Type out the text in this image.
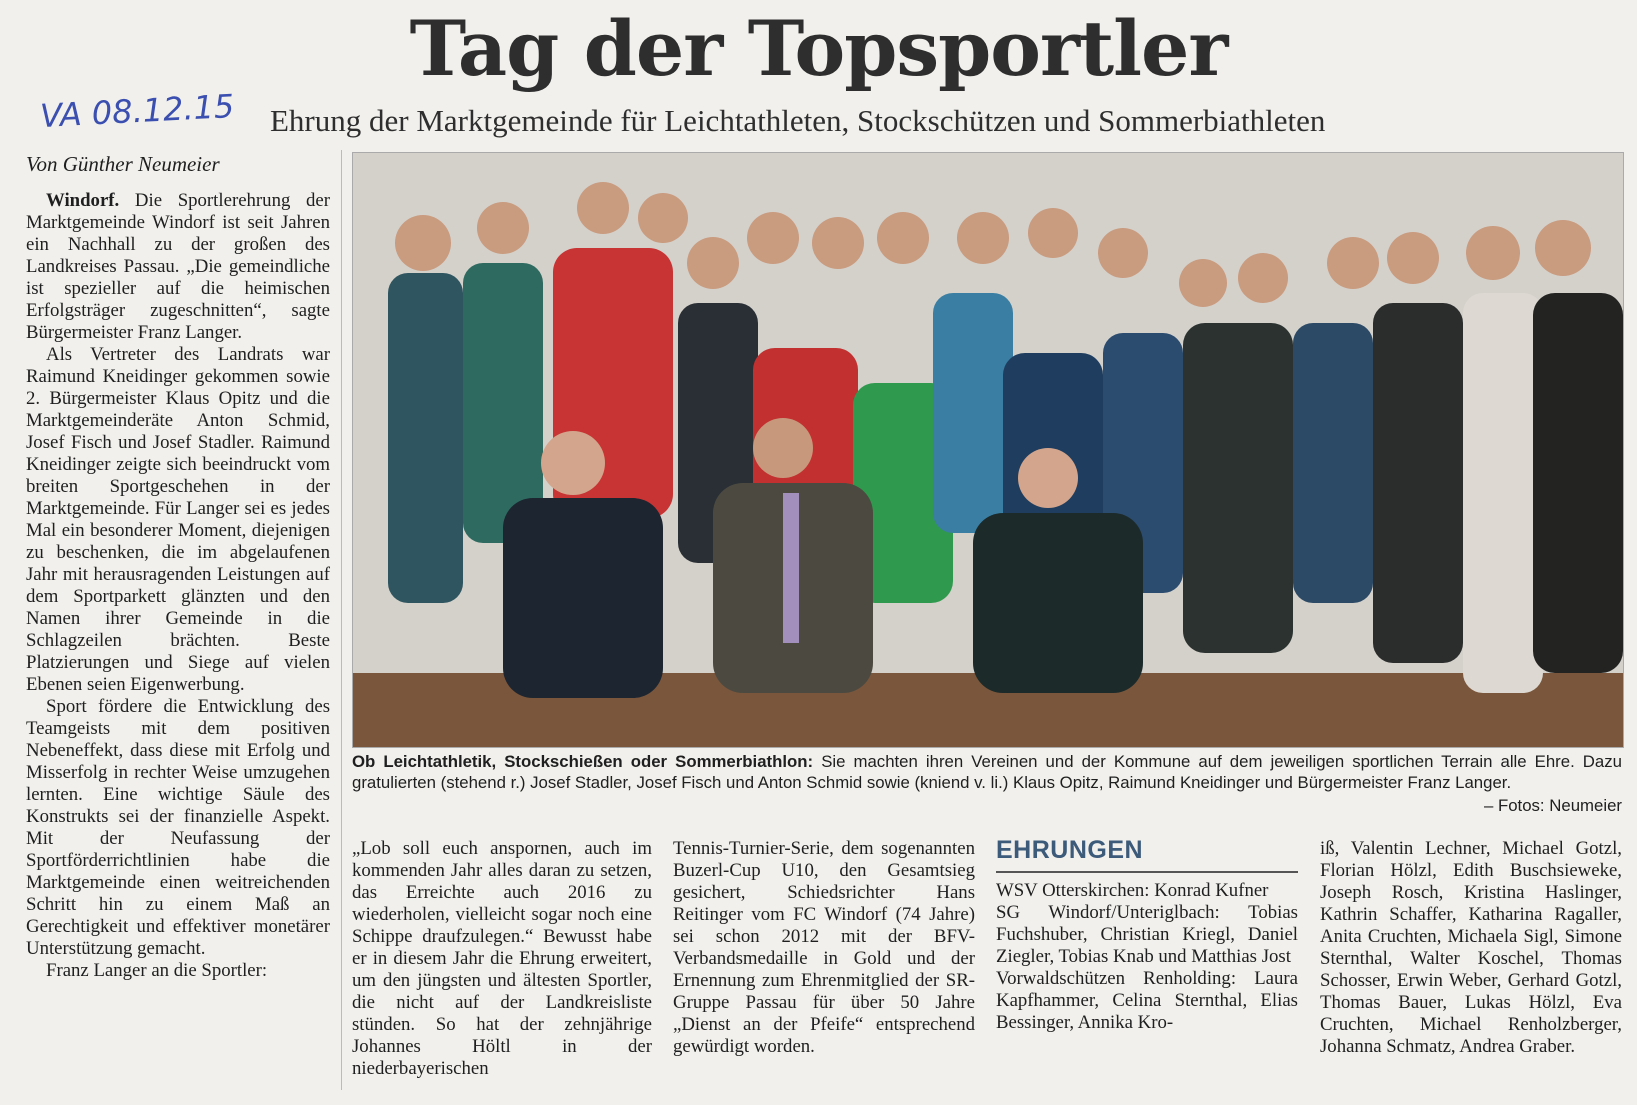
Tag der Topsportler
VA 08.12.15 Ehrung der Marktgemeinde für Leichtathleten, Stockschützen und Sommerbiathleten
Von Günther Neumeier

Windorf. Die Sportlerehrung der Marktgemeinde Windorf ist seit Jahren ein Nachhall zu der großen des Landkreises Passau. „Die gemeindliche ist spezieller auf die heimischen Erfolgsträger zugeschnitten“, sagte Bürgermeister Franz Langer.

Als Vertreter des Landrats war Raimund Kneidinger gekommen sowie 2. Bürgermeister Klaus Opitz und die Marktgemeinderäte Anton Schmid, Josef Fisch und Josef Stadler. Raimund Kneidinger zeigte sich beeindruckt vom breiten Sportgeschehen in der Marktgemeinde. Für Langer sei es jedes Mal ein besonderer Moment, diejenigen zu beschenken, die im abgelaufenen Jahr mit herausragenden Leistungen auf dem Sportparkett glänzten und den Namen ihrer Gemeinde in die Schlagzeilen brächten. Beste Platzierungen und Siege auf vielen Ebenen seien Eigenwerbung.

Sport fördere die Entwicklung des Teamgeists mit dem positiven Nebeneffekt, dass diese mit Erfolg und Misserfolg in rechter Weise umzugehen lernten. Eine wichtige Säule des Konstrukts sei der finanzielle Aspekt. Mit der Neufassung der Sportförderrichtlinien habe die Marktgemeinde einen weitreichenden Schritt hin zu einem Maß an Gerechtigkeit und effektiver monetärer Unterstützung gemacht.

Franz Langer an die Sportler:

Ob Leichtathletik, Stockschießen oder Sommerbiathlon: Sie machten ihren Vereinen und der Kommune auf dem jeweiligen sportlichen Terrain alle Ehre. Dazu gratulierten (stehend r.) Josef Stadler, Josef Fisch und Anton Schmid sowie (kniend v. li.) Klaus Opitz, Raimund Kneidinger und Bürgermeister Franz Langer.
– Fotos: Neumeier

„Lob soll euch anspornen, auch im kommenden Jahr alles daran zu setzen, das Erreichte auch 2016 zu wiederholen, vielleicht sogar noch eine Schippe draufzulegen.“ Bewusst habe er in diesem Jahr die Ehrung erweitert, um den jüngsten und ältesten Sportler, die nicht auf der Landkreisliste stünden. So hat der zehnjährige Johannes Höltl in der niederbayerischen

Tennis-Turnier-Serie, dem sogenannten Buzerl-Cup U10, den Gesamtsieg gesichert, Schiedsrichter Hans Reitinger vom FC Windorf (74 Jahre) sei schon 2012 mit der BFV-Verbandsmedaille in Gold und der Ernennung zum Ehrenmitglied der SR-Gruppe Passau für über 50 Jahre „Dienst an der Pfeife“ entsprechend gewürdigt worden.

EHRUNGEN

WSV Otterskirchen: Konrad Kufner

SG Windorf/Unteriglbach: Tobias Fuchshuber, Christian Kriegl, Daniel Ziegler, Tobias Knab und Matthias Jost

Vorwaldschützen Renholding: Laura Kapfhammer, Celina Sternthal, Elias Bessinger, Annika Kro-

iß, Valentin Lechner, Michael Gotzl, Florian Hölzl, Edith Buschsieweke, Joseph Rosch, Kristina Haslinger, Kathrin Schaffer, Katharina Ragaller, Anita Cruchten, Michaela Sigl, Simone Sternthal, Walter Koschel, Thomas Schosser, Erwin Weber, Gerhard Gotzl, Thomas Bauer, Lukas Hölzl, Eva Cruchten, Michael Renholzberger, Johanna Schmatz, Andrea Graber.
